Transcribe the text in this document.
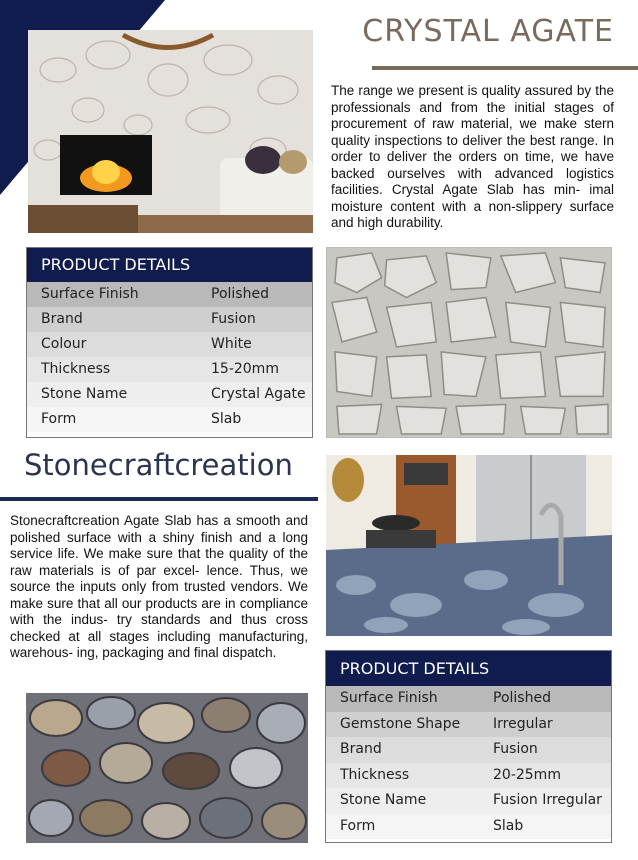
CRYSTAL AGATE

The range we present is quality assured by the professionals and from the initial stages of procurement of raw material, we make stern quality inspections to deliver the best range. In order to deliver the orders on time, we have backed ourselves with advanced logistics facilities. Crystal Agate Slab has min- imal moisture content with a non-slippery surface and high durability.

PRODUCT DETAILS
Surface Finish	Polished
Brand	Fusion
Colour	White
Thickness	15-20mm
Stone Name	Crystal Agate
Form	Slab
Stonecraftcreation

Stonecraftcreation Agate Slab has a smooth and polished surface with a shiny finish and a long service life. We make sure that the quality of the raw materials is of par excel- lence. Thus, we source the inputs only from trusted vendors. We make sure that all our products are in compliance with the indus- try standards and thus cross checked at all stages including manufacturing, warehous- ing, packaging and final dispatch.

PRODUCT DETAILS
Surface Finish	Polished
Gemstone Shape	Irregular
Brand	Fusion
Thickness	20-25mm
Stone Name	Fusion Irregular
Form	Slab
